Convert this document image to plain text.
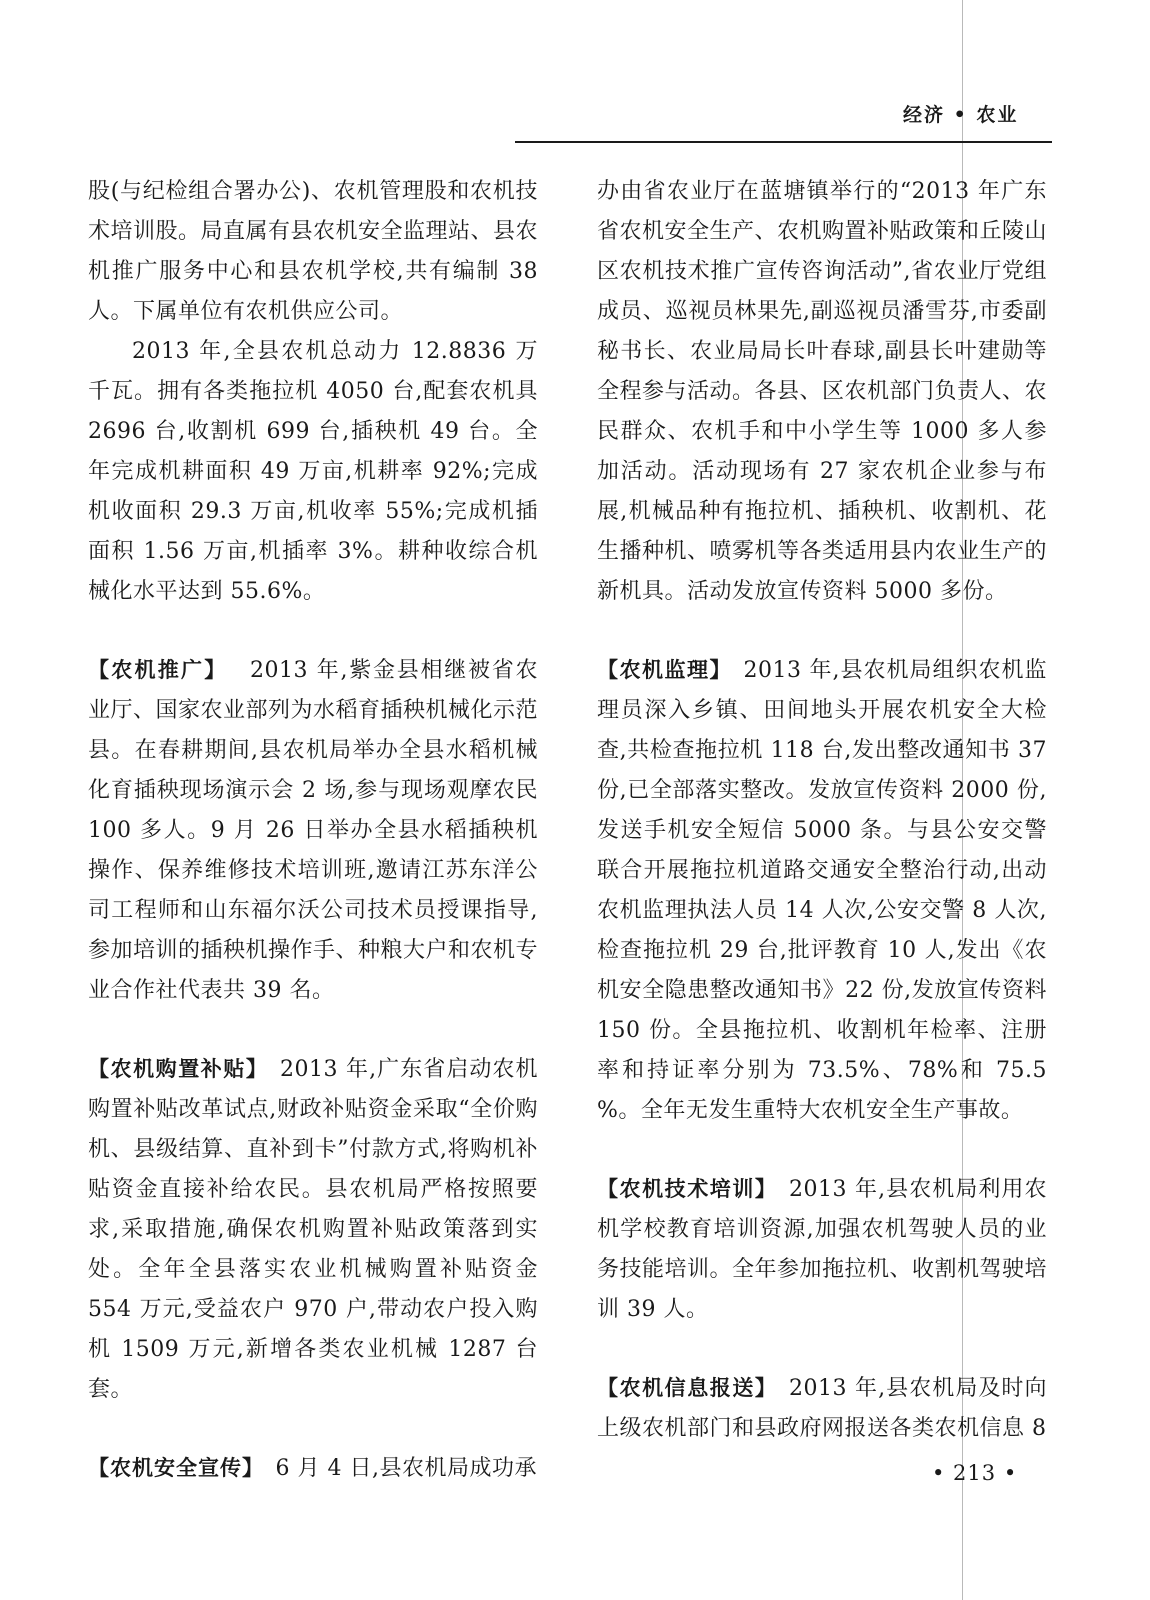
经济 • 农业

股(与纪检组合署办公)、农机管理股和农机技术培训股。局直属有县农机安全监理站、县农机推广服务中心和县农机学校,共有编制 38 人。下属单位有农机供应公司。

2013 年,全县农机总动力 12.8836 万千瓦。拥有各类拖拉机 4050 台,配套农机具 2696 台,收割机 699 台,插秧机 49 台。全年完成机耕面积 49 万亩,机耕率 92%;完成机收面积 29.3 万亩,机收率 55%;完成机插面积 1.56 万亩,机插率 3%。耕种收综合机械化水平达到 55.6%。

【农机推广】  2013 年,紫金县相继被省农业厅、国家农业部列为水稻育插秧机械化示范县。在春耕期间,县农机局举办全县水稻机械化育插秧现场演示会 2 场,参与现场观摩农民 100 多人。9 月 26 日举办全县水稻插秧机操作、保养维修技术培训班,邀请江苏东洋公司工程师和山东福尔沃公司技术员授课指导,参加培训的插秧机操作手、种粮大户和农机专业合作社代表共 39 名。

【农机购置补贴】  2013 年,广东省启动农机购置补贴改革试点,财政补贴资金采取“全价购机、县级结算、直补到卡”付款方式,将购机补贴资金直接补给农民。县农机局严格按照要求,采取措施,确保农机购置补贴政策落到实处。全年全县落实农业机械购置补贴资金 554 万元,受益农户 970 户,带动农户投入购机 1509 万元,新增各类农业机械 1287 台套。

【农机安全宣传】  6 月 4 日,县农机局成功承

办由省农业厅在蓝塘镇举行的“2013 年广东省农机安全生产、农机购置补贴政策和丘陵山区农机技术推广宣传咨询活动”,省农业厅党组成员、巡视员林果先,副巡视员潘雪芬,市委副秘书长、农业局局长叶春球,副县长叶建勋等全程参与活动。各县、区农机部门负责人、农民群众、农机手和中小学生等 1000 多人参加活动。活动现场有 27 家农机企业参与布展,机械品种有拖拉机、插秧机、收割机、花生播种机、喷雾机等各类适用县内农业生产的新机具。活动发放宣传资料 5000 多份。

【农机监理】  2013 年,县农机局组织农机监理员深入乡镇、田间地头开展农机安全大检查,共检查拖拉机 118 台,发出整改通知书 37 份,已全部落实整改。发放宣传资料 2000 份,发送手机安全短信 5000 条。与县公安交警联合开展拖拉机道路交通安全整治行动,出动农机监理执法人员 14 人次,公安交警 8 人次,检查拖拉机 29 台,批评教育 10 人,发出《农机安全隐患整改通知书》22 份,发放宣传资料 150 份。全县拖拉机、收割机年检率、注册率和持证率分别为 73.5%、78%和 75.5 %。全年无发生重特大农机安全生产事故。

【农机技术培训】  2013 年,县农机局利用农机学校教育培训资源,加强农机驾驶人员的业务技能培训。全年参加拖拉机、收割机驾驶培训 39 人。

【农机信息报送】  2013 年,县农机局及时向上级农机部门和县政府网报送各类农机信息 8

• 213 •
